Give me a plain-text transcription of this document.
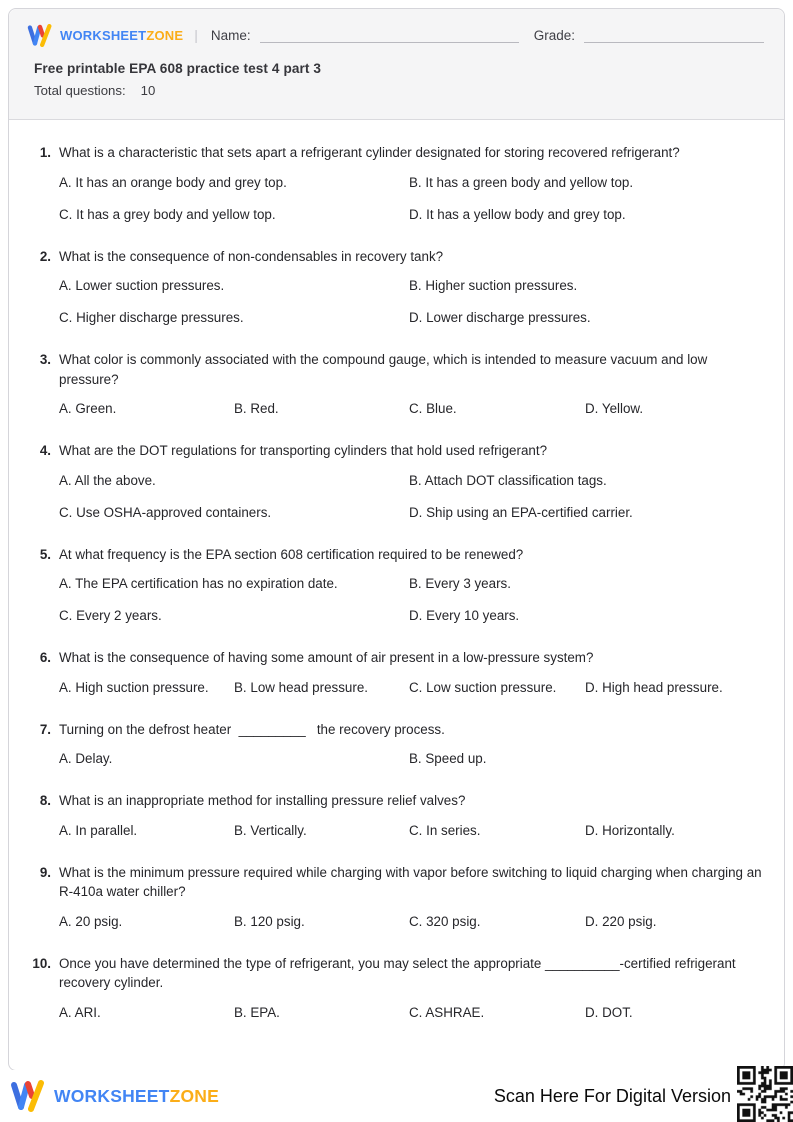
WORKSHEETZONE | Name:	Grade:
Free printable EPA 608 practice test 4 part 3
Total questions: 10
1. What is a characteristic that sets apart a refrigerant cylinder designated for storing recovered refrigerant?
A. It has an orange body and grey top.	B. It has a green body and yellow top.
C. It has a grey body and yellow top.	D. It has a yellow body and grey top.
2. What is the consequence of non-condensables in recovery tank?
A. Lower suction pressures.	B. Higher suction pressures.
C. Higher discharge pressures.	D. Lower discharge pressures.
3. What color is commonly associated with the compound gauge, which is intended to measure vacuum and low pressure?
A. Green.	B. Red.	C. Blue.	D. Yellow.
4. What are the DOT regulations for transporting cylinders that hold used refrigerant?
A. All the above.	B. Attach DOT classification tags.
C. Use OSHA-approved containers.	D. Ship using an EPA-certified carrier.
5. At what frequency is the EPA section 608 certification required to be renewed?
A. The EPA certification has no expiration date.	B. Every 3 years.
C. Every 2 years.	D. Every 10 years.
6. What is the consequence of having some amount of air present in a low-pressure system?
A. High suction pressure.	B. Low head pressure.	C. Low suction pressure.	D. High head pressure.
7. Turning on the defrost heater  _________   the recovery process.
A. Delay.	B. Speed up.
8. What is an inappropriate method for installing pressure relief valves?
A. In parallel.	B. Vertically.	C. In series.	D. Horizontally.
9. What is the minimum pressure required while charging with vapor before switching to liquid charging when charging an R-410a water chiller?
A. 20 psig.	B. 120 psig.	C. 320 psig.	D. 220 psig.
10. Once you have determined the type of refrigerant, you may select the appropriate __________-certified refrigerant recovery cylinder.
A. ARI.	B. EPA.	C. ASHRAE.	D. DOT.
WORKSHEETZONE	Scan Here For Digital Version
